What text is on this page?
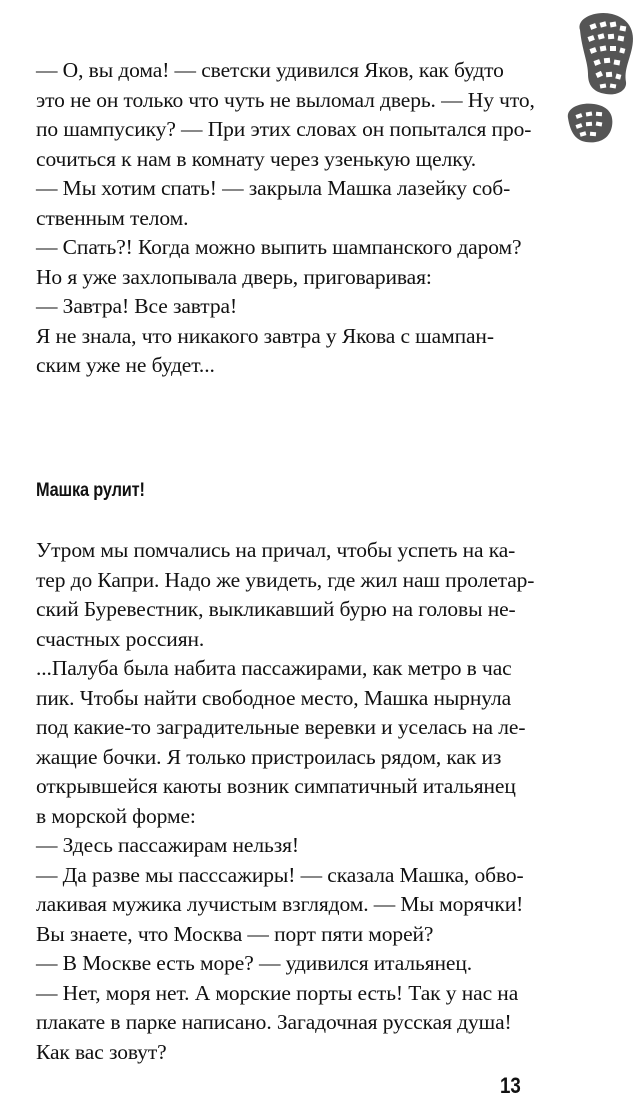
— О, вы дома! — светски удивился Яков, как будто
это не он только что чуть не выломал дверь. — Ну что,
по шампусику? — При этих словах он попытался про-
сочиться к нам в комнату через узенькую щелку.
— Мы хотим спать! — закрыла Машка лазейку соб-
ственным телом.
— Спать?! Когда можно выпить шампанского даром?
Но я уже захлопывала дверь, приговаривая:
— Завтра! Все завтра!
Я не знала, что никакого завтра у Якова с шампан-
ским уже не будет...
Машка рулит!
Утром мы помчались на причал, чтобы успеть на ка-
тер до Капри. Надо же увидеть, где жил наш пролетар-
ский Буревестник, выкликавший бурю на головы не-
счастных россиян.
...Палуба была набита пассажирами, как метро в час
пик. Чтобы найти свободное место, Машка нырнула
под какие-то заградительные веревки и уселась на ле-
жащие бочки. Я только пристроилась рядом, как из
открывшейся каюты возник симпатичный итальянец
в морской форме:
— Здесь пассажирам нельзя!
— Да разве мы пасссажиры! — сказала Машка, обво-
лакивая мужика лучистым взглядом. — Мы морячки!
Вы знаете, что Москва — порт пяти морей?
— В Москве есть море? — удивился итальянец.
— Нет, моря нет. А морские порты есть! Так у нас на
плакате в парке написано. Загадочная русская душа!
Как вас зовут?
13
